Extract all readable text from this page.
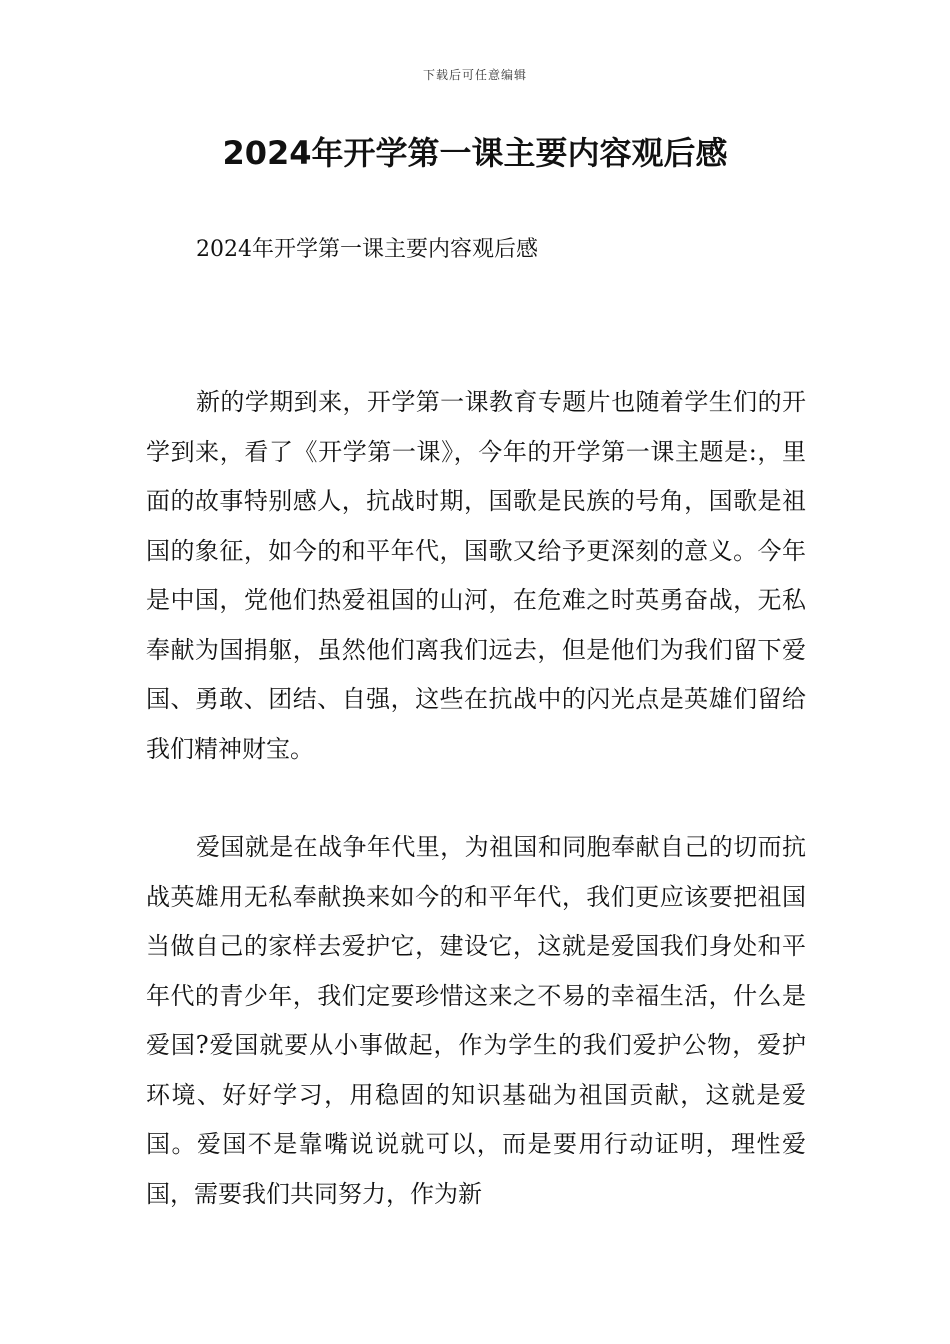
下载后可任意编辑
2024年开学第一课主要内容观后感

2024年开学第一课主要内容观后感

新的学期到来，开学第一课教育专题片也随着学生们的开学到来，看了《开学第一课》，今年的开学第一课主题是:，里面的故事特别感人，抗战时期，国歌是民族的号角，国歌是祖国的象征，如今的和平年代，国歌又给予更深刻的意义。今年是中国，党他们热爱祖国的山河，在危难之时英勇奋战，无私奉献为国捐躯，虽然他们离我们远去，但是他们为我们留下爱国、勇敢、团结、自强，这些在抗战中的闪光点是英雄们留给我们精神财宝。

爱国就是在战争年代里，为祖国和同胞奉献自己的切而抗战英雄用无私奉献换来如今的和平年代，我们更应该要把祖国当做自己的家样去爱护它，建设它，这就是爱国我们身处和平年代的青少年，我们定要珍惜这来之不易的幸福生活，什么是爱国?爱国就要从小事做起，作为学生的我们爱护公物，爱护环境、好好学习，用稳固的知识基础为祖国贡献，这就是爱国。爱国不是靠嘴说说就可以，而是要用行动证明，理性爱国，需要我们共同努力，作为新
